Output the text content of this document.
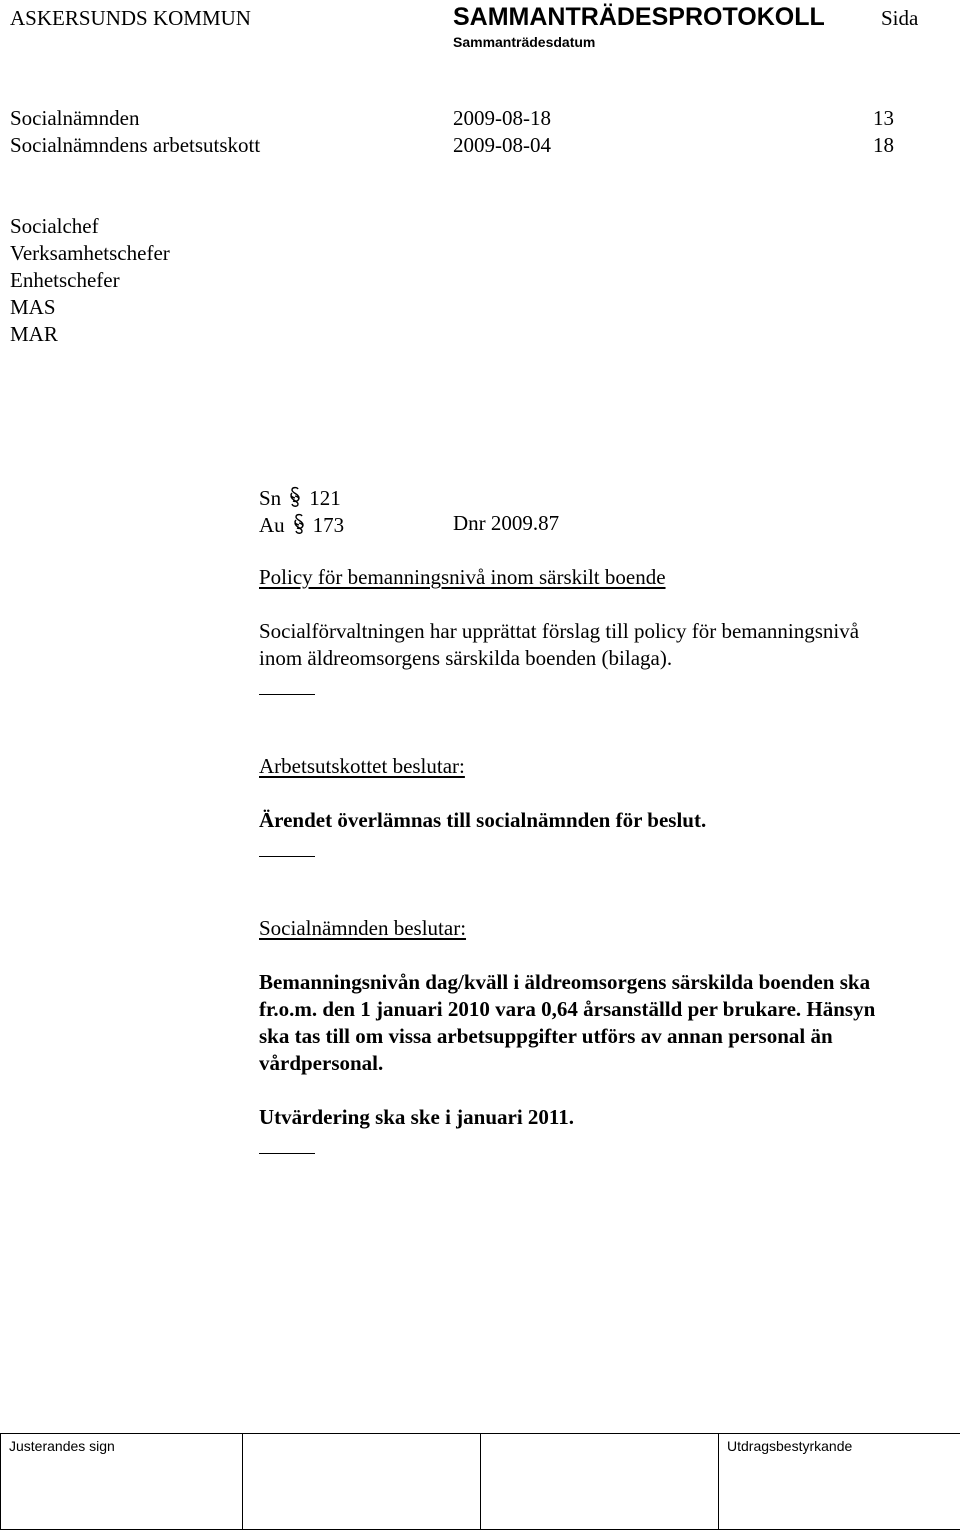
ASKERSUNDS KOMMUN	SAMMANTRÄDESPROTOKOLL	Sida
Sammanträdesdatum
Socialnämnden	2009-08-18	13
Socialnämndens arbetsutskott	2009-08-04	18
Socialchef
Verksamhetschefer
Enhetschefer
MAS
MAR
Sn 121
Au 173	Dnr 2009.87
Policy för bemanningsnivå inom särskilt boende
Socialförvaltningen har upprättat förslag till policy för bemanningsnivå
inom äldreomsorgens särskilda boenden (bilaga).
Arbetsutskottet beslutar:
Ärendet överlämnas till socialnämnden för beslut.
Socialnämnden beslutar:
Bemanningsnivån dag/kväll i äldreomsorgens särskilda boenden ska
fr.o.m. den 1 januari 2010 vara 0,64 årsanställd per brukare. Hänsyn
ska tas till om vissa arbetsuppgifter utförs av annan personal än
vårdpersonal.
Utvärdering ska ske i januari 2011.
Justerandes sign			Utdragsbestyrkande
